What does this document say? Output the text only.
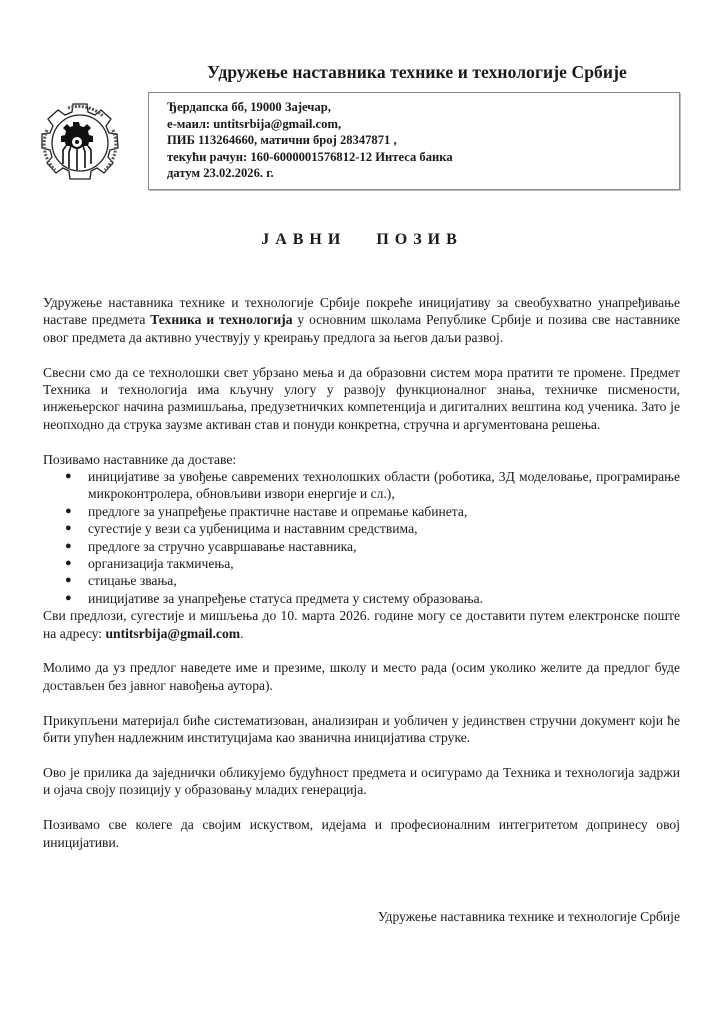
Удружење наставника технике и технологије Србије
Ђердапска бб, 19000 Зајечар,
е-маил: untitsrbija@gmail.com,
ПИБ 113264660, матични број 28347871 ,
текући рачун: 160-6000001576812-12 Интеса банка
датум 23.02.2026. г.
ЈАВНИ ПОЗИВ

Удружење наставника технике и технологије Србије покреће иницијативу за свеобухватно унапређивање наставе предмета Техника и технологија у основним школама Републике Србије и позива све наставнике овог предмета да активно учествују у креирању предлога за његов даљи развој.

Свесни смо да се технолошки свет убрзано мења и да образовни систем мора пратити те промене. Предмет Техника и технологија има кључну улогу у развоју функционалног знања, техничке писмености, инжењерског начина размишљања, предузетничких компетенција и дигиталних вештина код ученика. Зато је неопходно да струка заузме активан став и понуди конкретна, стручна и аргументована решења.

Позивамо наставнике да доставе:
● иницијативе за увођење савремених технолошких области (роботика, 3Д моделовање, програмирање микроконтролера, обновљиви извори енергије и сл.),
● предлоге за унапређење практичне наставе и опремање кабинета,
● сугестије у вези са уџбеницима и наставним средствима,
● предлоге за стручно усавршавање наставника,
● организација такмичења,
● стицање звања,
● иницијативе за унапређење статуса предмета у систему образовања.
Сви предлози, сугестије и мишљења до 10. марта 2026. године могу се доставити путем електронске поште на адресу: untitsrbija@gmail.com.

Молимо да уз предлог наведете име и презиме, школу и место рада (осим уколико желите да предлог буде достављен без јавног навођења аутора).

Прикупљени материјал биће систематизован, анализиран и уобличен у јединствен стручни документ који ће бити упућен надлежним институцијама као званична иницијатива струке.

Ово је прилика да заједнички обликујемо будућност предмета и осигурамо да Техника и технологија задржи и ојача своју позицију у образовању младих генерација.

Позивамо све колеге да својим искуством, идејама и професионалним интегритетом допринесу овој иницијативи.

Удружење наставника технике и технологије Србије
